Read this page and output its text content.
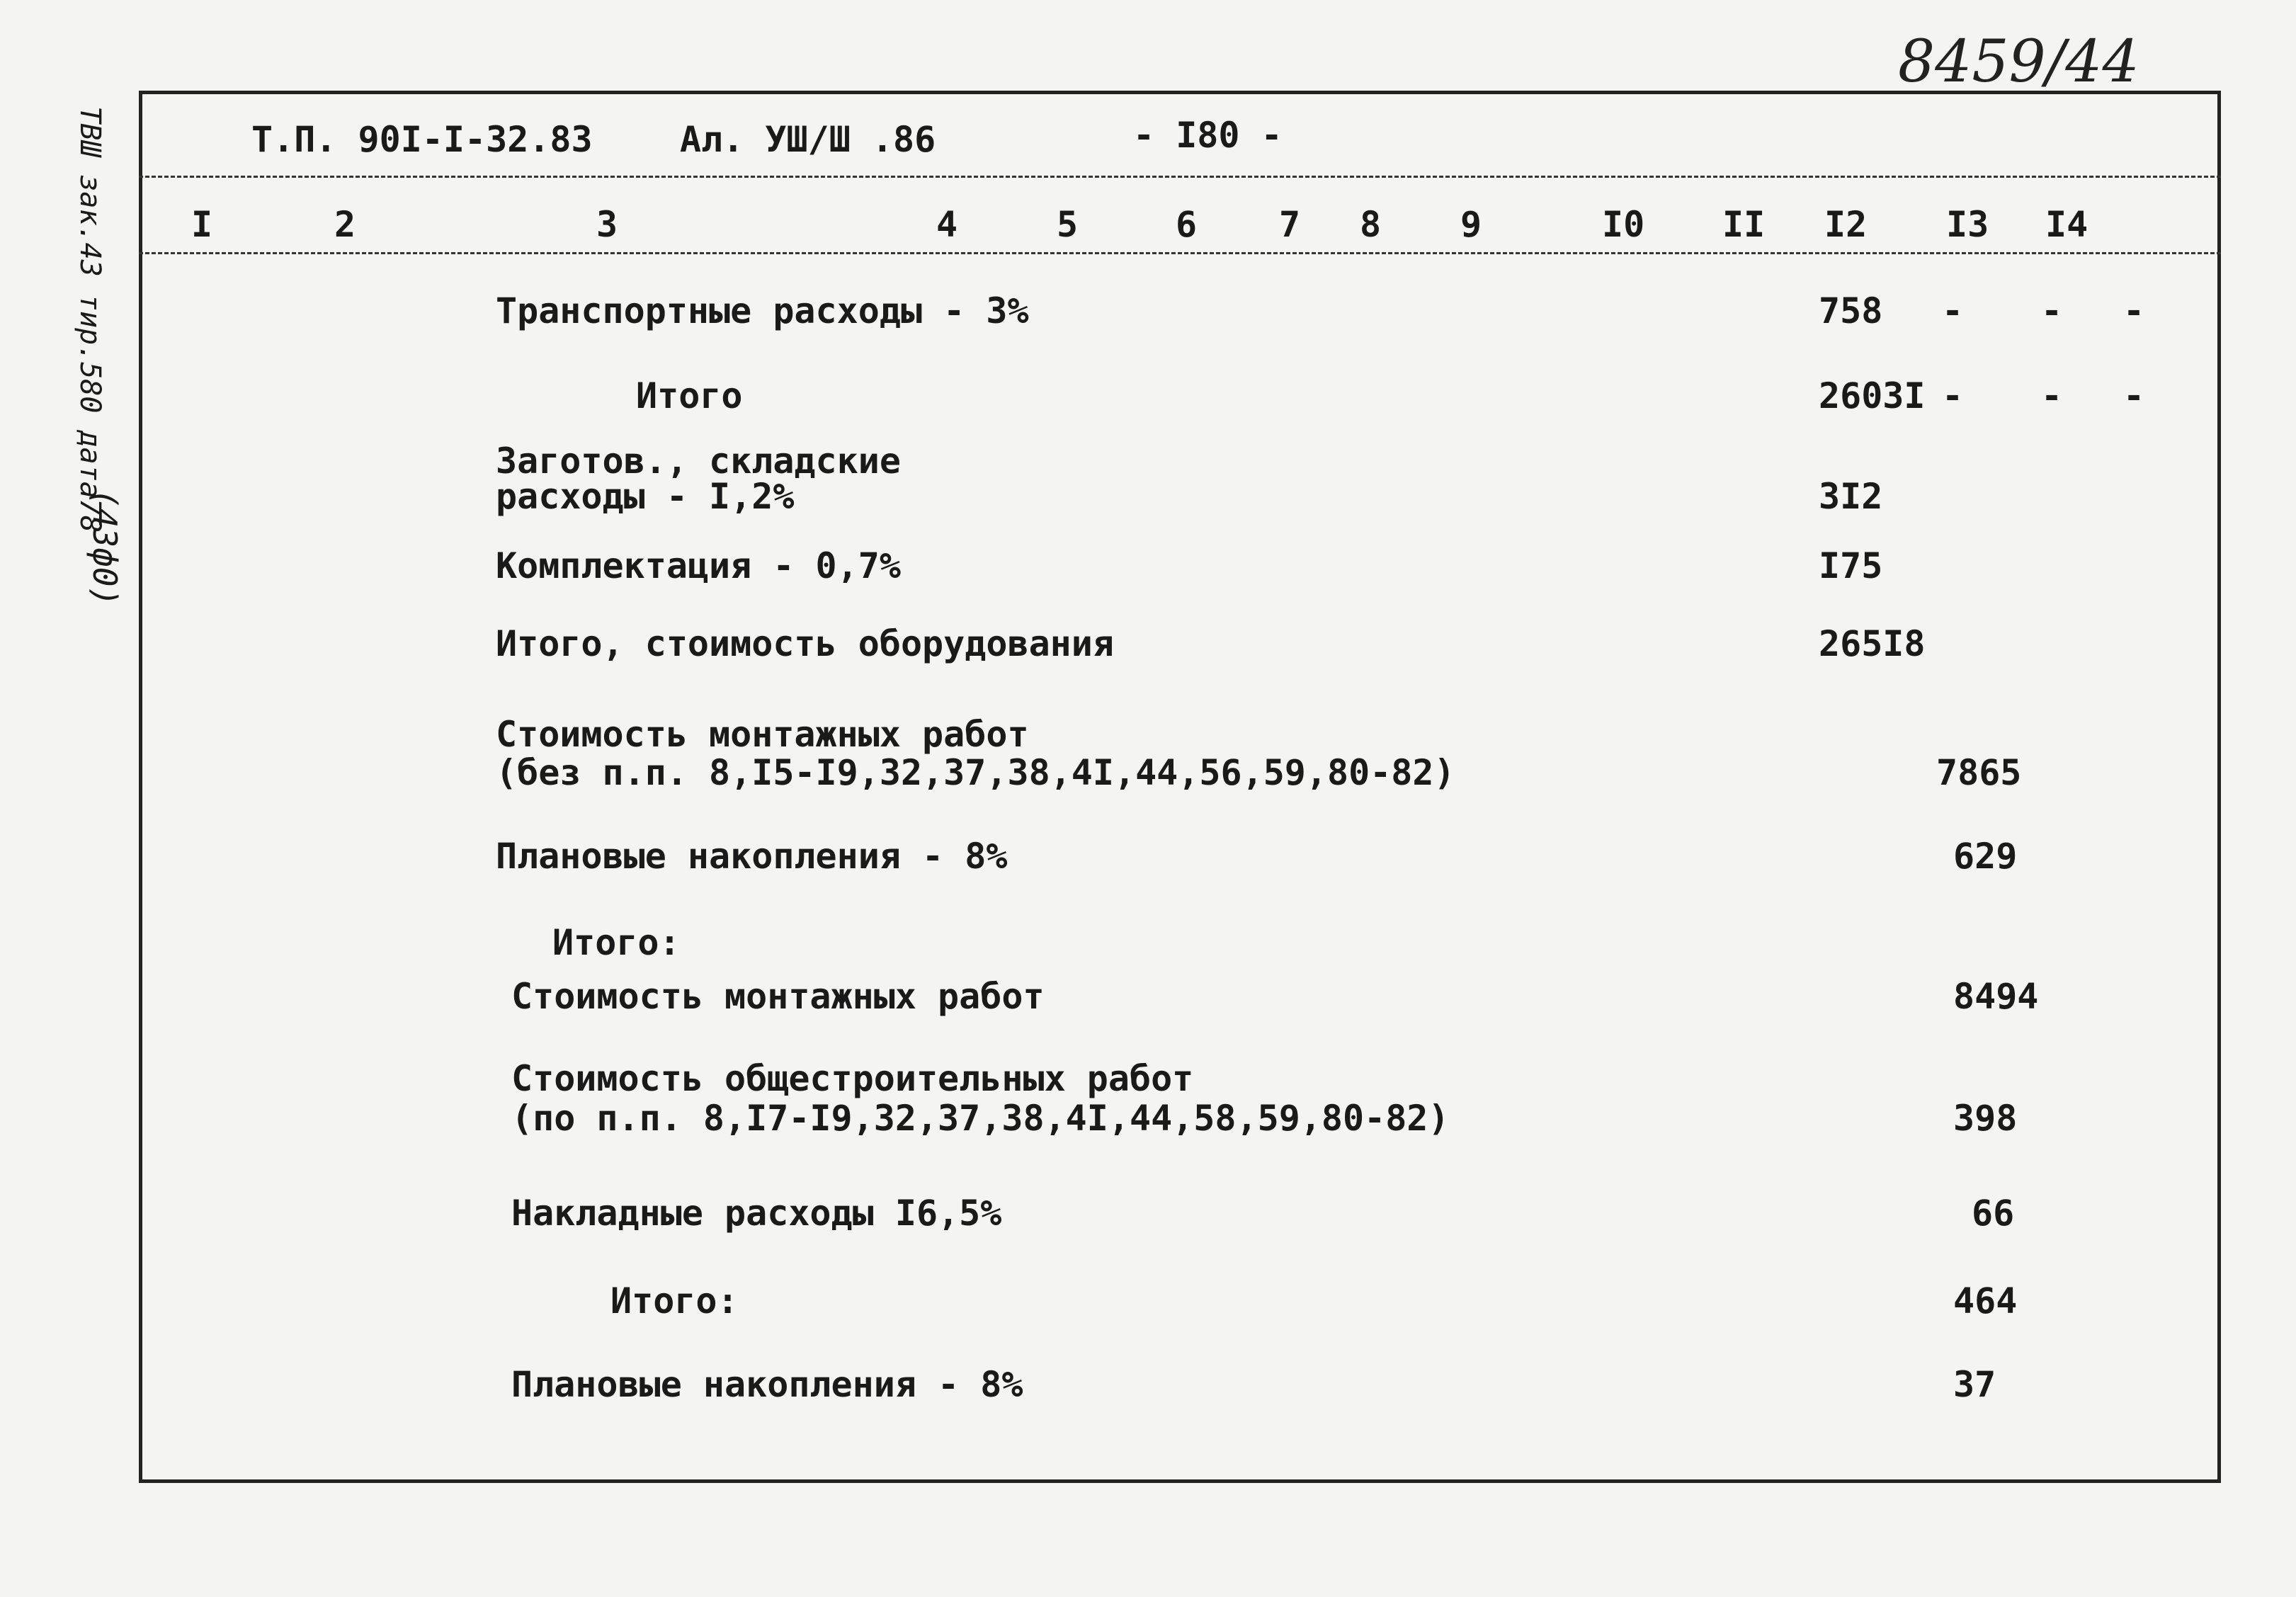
ТВШ зак.43 тир.580 дата78
(43ф0)
8459/44
Т.П. 90I-I-32.83 Ал. УШ/Ш .86	- I80 -
I	2	3	4	5	6 7 8 9	I0 II I2 I3 I4
Транспортные расходы - 3%	758 - - -
Итого	2603I - - -
Заготов., складские
расходы - I,2%	3I2
Комплектация - 0,7%	I75
Итого, стоимость оборудования	265I8
Стоимость монтажных работ
(без п.п. 8,I5-I9,32,37,38,4I,44,56,59,80-82)	7865
Плановые накопления - 8%	629
Итого:
Стоимость монтажных работ	8494
Стоимость общестроительных работ
(по п.п. 8,I7-I9,32,37,38,4I,44,58,59,80-82)	398
Накладные расходы I6,5%	66
Итого:	464
Плановые накопления - 8%	37
